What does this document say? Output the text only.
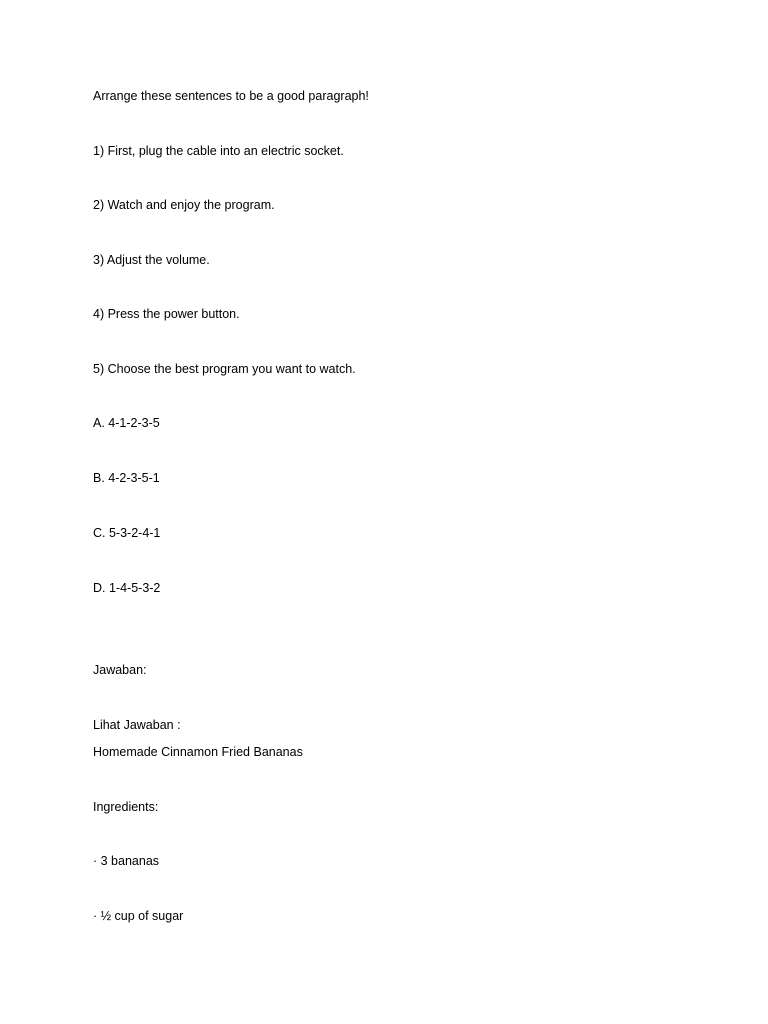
Arrange these sentences to be a good paragraph!
1) First, plug the cable into an electric socket.
2) Watch and enjoy the program.
3) Adjust the volume.
4) Press the power button.
5) Choose the best program you want to watch.
A. 4-1-2-3-5
B. 4-2-3-5-1
C. 5-3-2-4-1
D. 1-4-5-3-2
Jawaban:
Lihat Jawaban :
Homemade Cinnamon Fried Bananas
Ingredients:
· 3 bananas
· ½ cup of sugar
